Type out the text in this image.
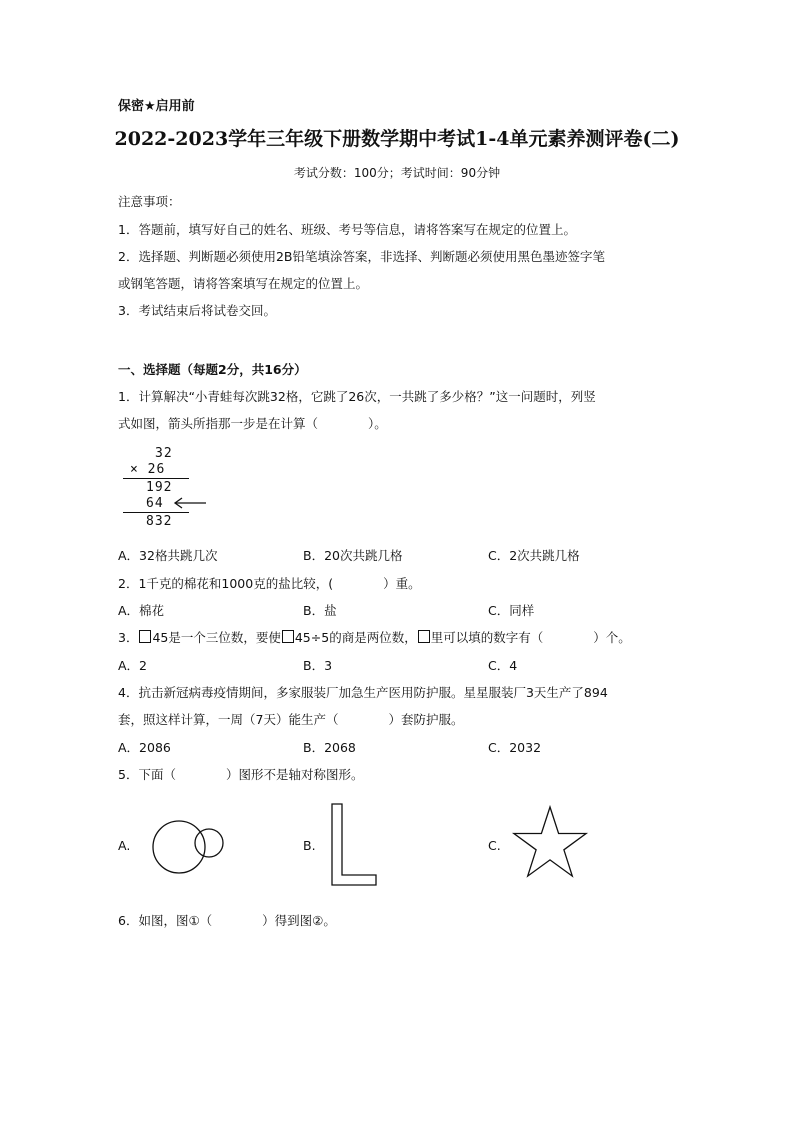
保密★启用前
2022-2023学年三年级下册数学期中考试1-4单元素养测评卷(二)
考试分数：100分；考试时间：90分钟
注意事项：
1．答题前，填写好自己的姓名、班级、考号等信息，请将答案写在规定的位置上。
2．选择题、判断题必须使用2B铅笔填涂答案，非选择、判断题必须使用黑色墨迹签字笔
或钢笔答题，请将答案填写在规定的位置上。
3．考试结束后将试卷交回。
一、选择题（每题2分，共16分）
1．计算解决“小青蛙每次跳32格，它跳了26次，一共跳了多少格？”这一问题时，列竖
式如图，箭头所指那一步是在计算（　　　　）。
32
× 26
192
64
832
A．32格共跳几次	B．20次共跳几格	C．2次共跳几格
2．1千克的棉花和1000克的盐比较，(　　　　）重。
A．棉花	B．盐	C．同样
3． 45是一个三位数，要使 45÷5的商是两位数， 里可以填的数字有（　　　　）个。
A．2	B．3	C．4
4．抗击新冠病毒疫情期间，多家服装厂加急生产医用防护服。星星服装厂3天生产了894
套，照这样计算，一周（7天）能生产（　　　　）套防护服。
A．2086	B．2068	C．2032
5．下面（　　　　）图形不是轴对称图形。
A.	B.	C.
6．如图，图①（　　　　）得到图②。
